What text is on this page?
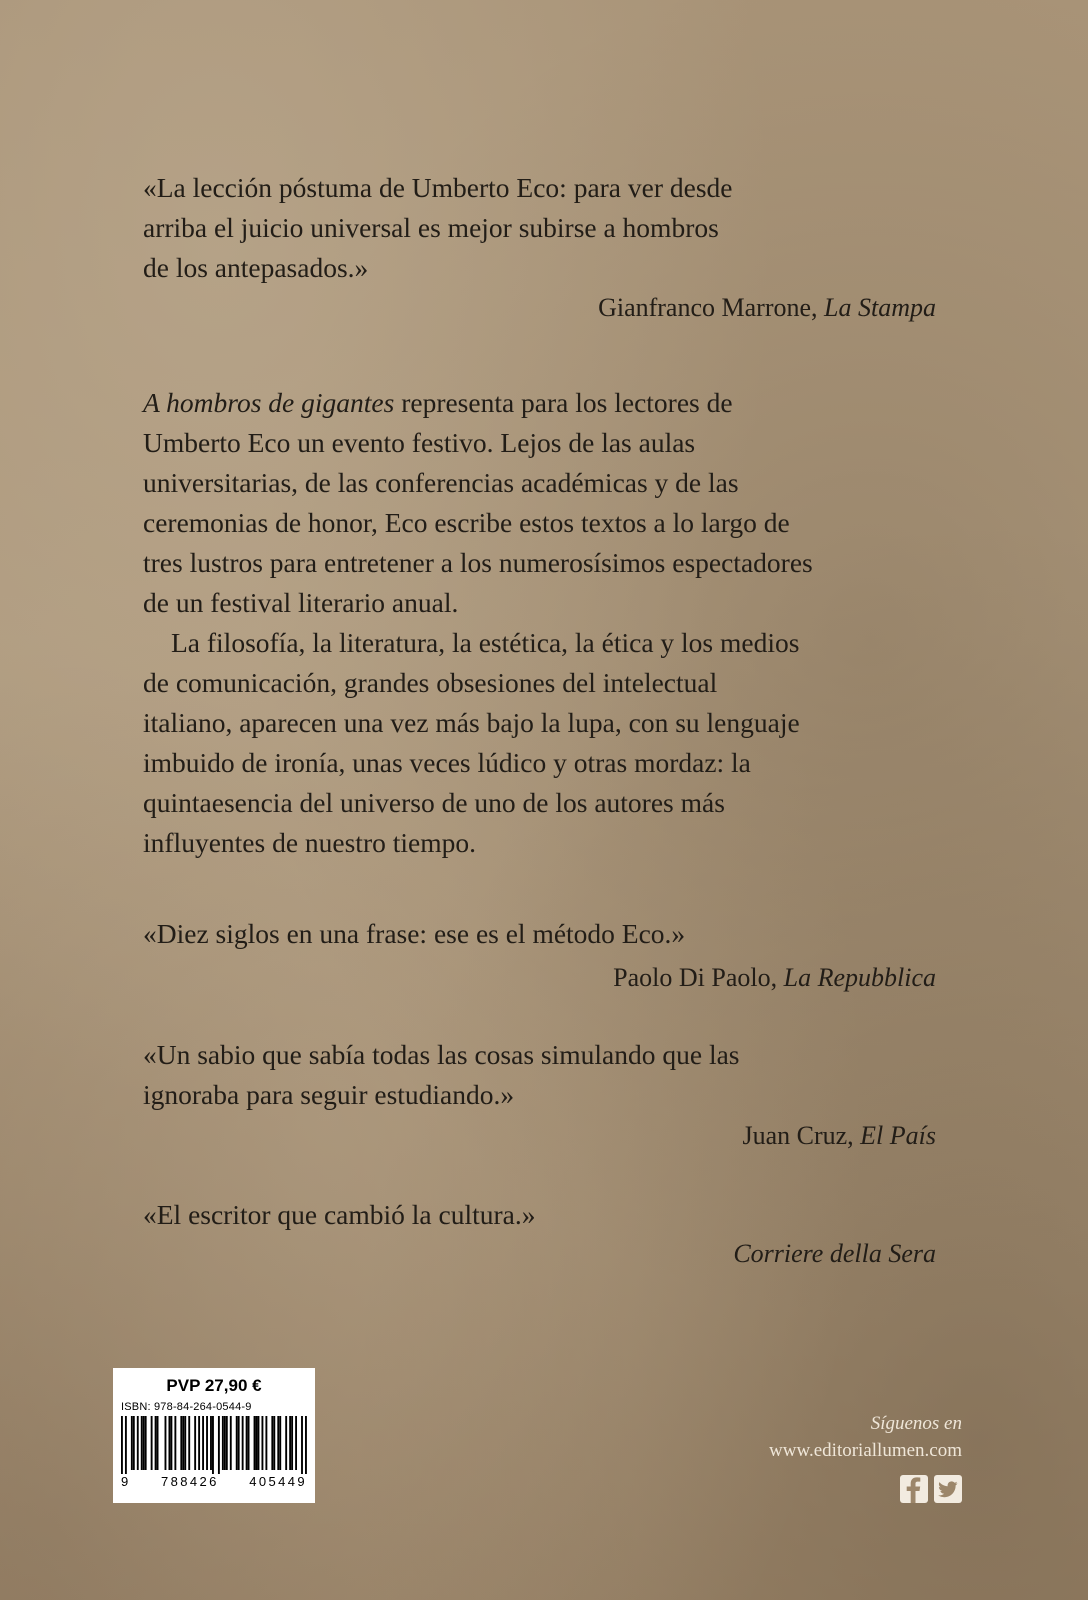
«La lección póstuma de Umberto Eco: para ver desde
arriba el juicio universal es mejor subirse a hombros
de los antepasados.»

Gianfranco Marrone, La Stampa

A hombros de gigantes representa para los lectores de
Umberto Eco un evento festivo. Lejos de las aulas
universitarias, de las conferencias académicas y de las
ceremonias de honor, Eco escribe estos textos a lo largo de
tres lustros para entretener a los numerosísimos espectadores
de un festival literario anual.

La filosofía, la literatura, la estética, la ética y los medios
de comunicación, grandes obsesiones del intelectual
italiano, aparecen una vez más bajo la lupa, con su lenguaje
imbuido de ironía, unas veces lúdico y otras mordaz: la
quintaesencia del universo de uno de los autores más
influyentes de nuestro tiempo.

«Diez siglos en una frase: ese es el método Eco.»

Paolo Di Paolo, La Repubblica

«Un sabio que sabía todas las cosas simulando que las
ignoraba para seguir estudiando.»

Juan Cruz, El País

«El escritor que cambió la cultura.»

Corriere della Sera
PVP 27,90 €
ISBN: 978-84-264-0544-9
9 788426 405449
Síguenos en
www.editoriallumen.com
